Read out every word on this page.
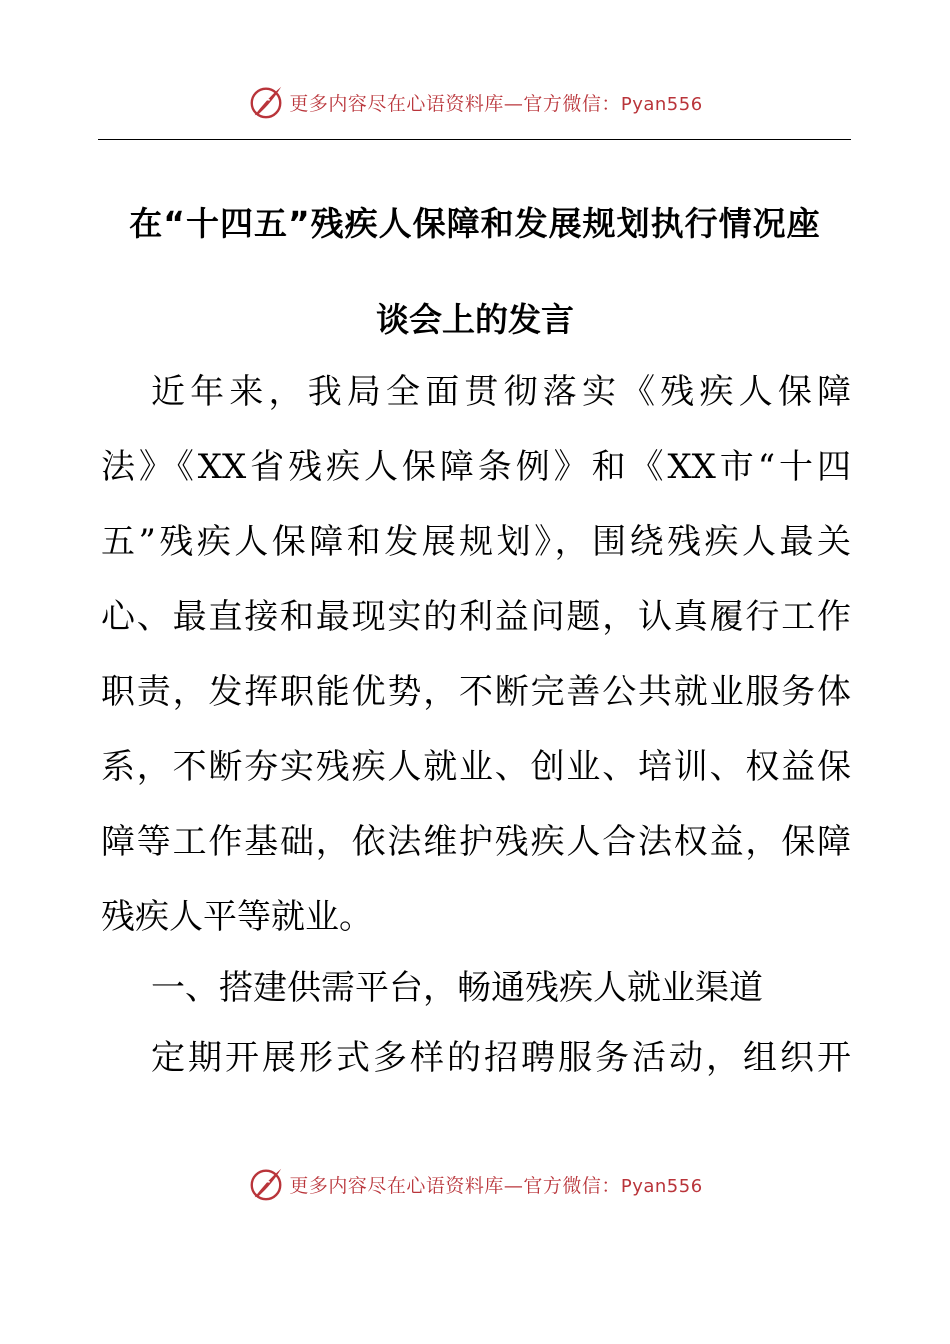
更多内容尽在心语资料库—官方微信：Pyan556
在“十四五”残疾人保障和发展规划执行情况座
谈会上的发言

近年来，我局全面贯彻落实《残疾人保障
法》《XX省残疾人保障条例》和《XX市“十四
五”残疾人保障和发展规划》，围绕残疾人最关
心、最直接和最现实的利益问题，认真履行工作
职责，发挥职能优势，不断完善公共就业服务体
系，不断夯实残疾人就业、创业、培训、权益保
障等工作基础，依法维护残疾人合法权益，保障
残疾人平等就业。

一、搭建供需平台，畅通残疾人就业渠道

定期开展形式多样的招聘服务活动，组织开

更多内容尽在心语资料库—官方微信：Pyan556
